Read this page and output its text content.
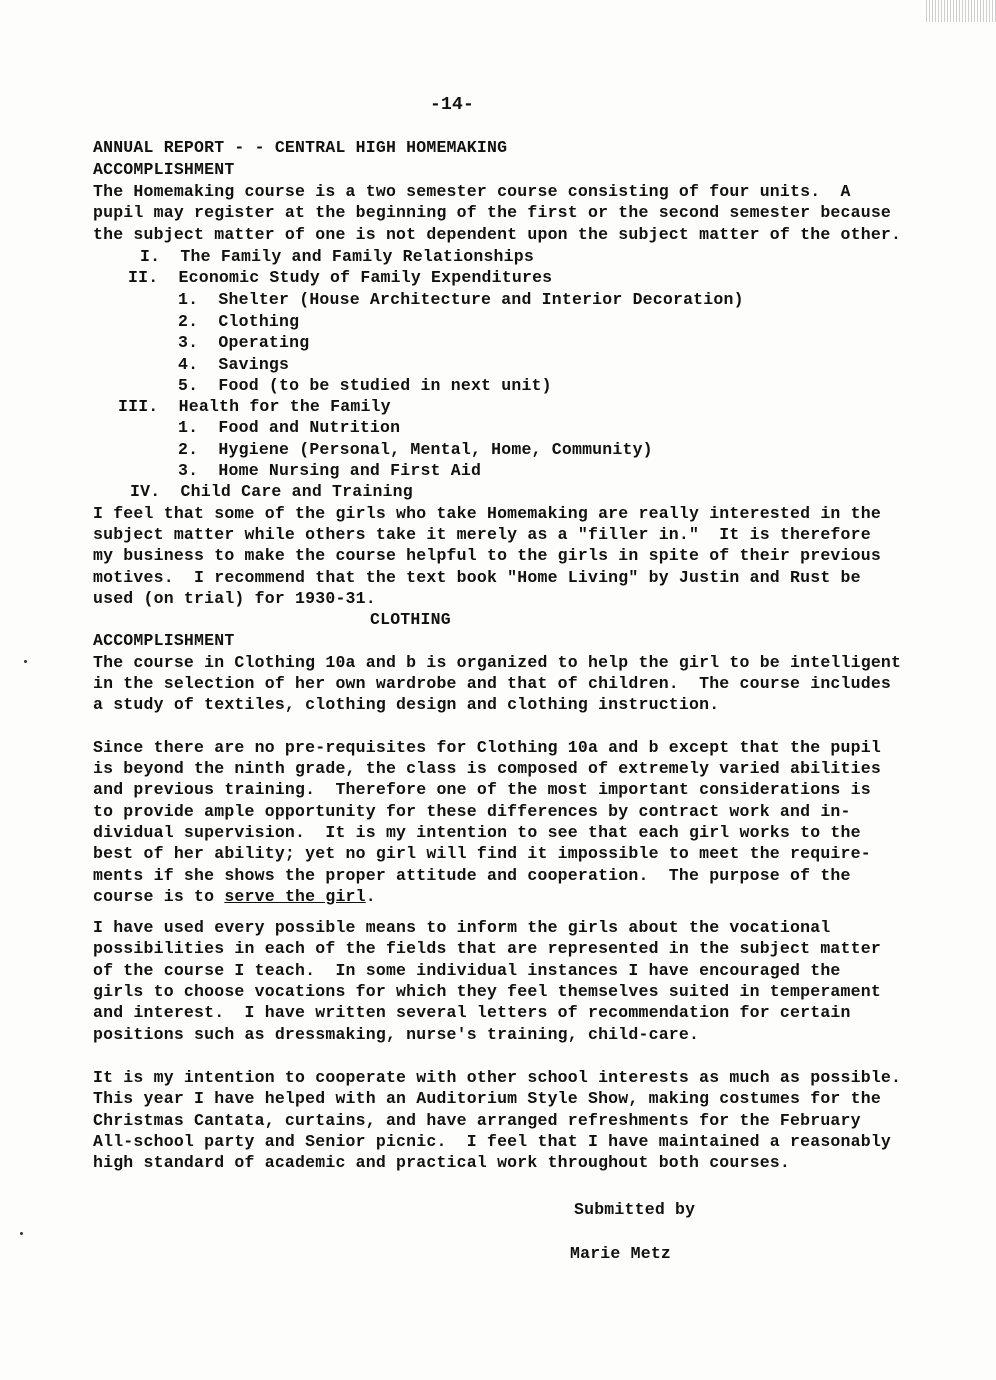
-14-
ANNUAL REPORT - - CENTRAL HIGH HOMEMAKING
ACCOMPLISHMENT
The Homemaking course is a two semester course consisting of four units.  A
pupil may register at the beginning of the first or the second semester because
the subject matter of one is not dependent upon the subject matter of the other.
I.  The Family and Family Relationships
II.  Economic Study of Family Expenditures
1.  Shelter (House Architecture and Interior Decoration)
2.  Clothing
3.  Operating
4.  Savings
5.  Food (to be studied in next unit)
III.  Health for the Family
1.  Food and Nutrition
2.  Hygiene (Personal, Mental, Home, Community)
3.  Home Nursing and First Aid
IV.  Child Care and Training
I feel that some of the girls who take Homemaking are really interested in the
subject matter while others take it merely as a "filler in."  It is therefore
my business to make the course helpful to the girls in spite of their previous
motives.  I recommend that the text book "Home Living" by Justin and Rust be
used (on trial) for 1930-31.
CLOTHING
ACCOMPLISHMENT
The course in Clothing 10a and b is organized to help the girl to be intelligent
in the selection of her own wardrobe and that of children.  The course includes
a study of textiles, clothing design and clothing instruction.
Since there are no pre-requisites for Clothing 10a and b except that the pupil
is beyond the ninth grade, the class is composed of extremely varied abilities
and previous training.  Therefore one of the most important considerations is
to provide ample opportunity for these differences by contract work and in-
dividual supervision.  It is my intention to see that each girl works to the
best of her ability; yet no girl will find it impossible to meet the require-
ments if she shows the proper attitude and cooperation.  The purpose of the
course is to serve the girl.
I have used every possible means to inform the girls about the vocational
possibilities in each of the fields that are represented in the subject matter
of the course I teach.  In some individual instances I have encouraged the
girls to choose vocations for which they feel themselves suited in temperament
and interest.  I have written several letters of recommendation for certain
positions such as dressmaking, nurse's training, child-care.
It is my intention to cooperate with other school interests as much as possible.
This year I have helped with an Auditorium Style Show, making costumes for the
Christmas Cantata, curtains, and have arranged refreshments for the February
All-school party and Senior picnic.  I feel that I have maintained a reasonably
high standard of academic and practical work throughout both courses.
Submitted by
Marie Metz
